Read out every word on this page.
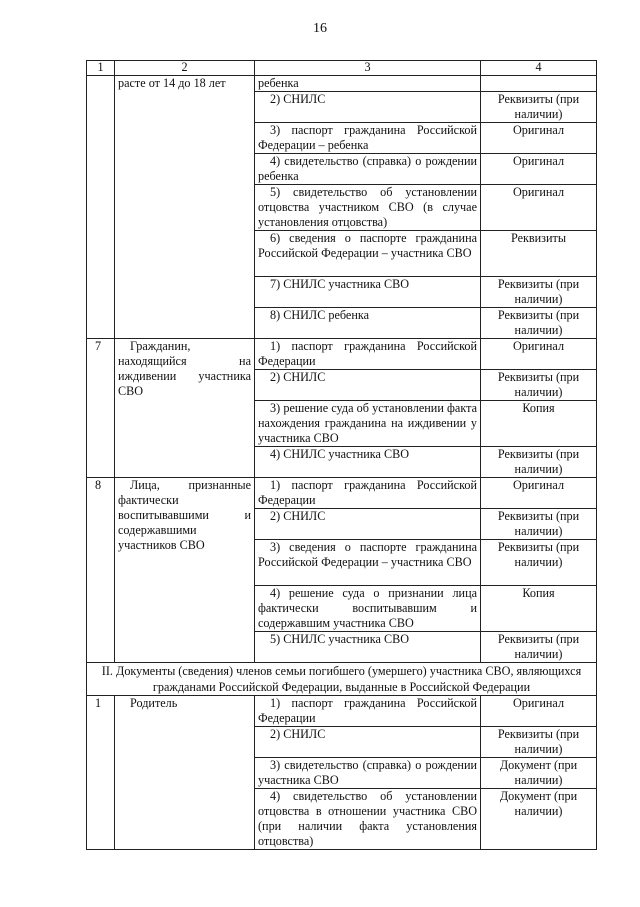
16
1	2	3	4
	расте от 14 до 18 лет	ребенка	
		2) СНИЛС	Реквизиты (при наличии)
		3) паспорт гражданина Российской Федерации – ребенка	Оригинал
		4) свидетельство (справка) о рождении ребенка	Оригинал
		5) свидетельство об установлении отцовства участником СВО (в случае установления отцовства)	Оригинал
		6) сведения о паспорте гражданина Российской Федерации – участника СВО	Реквизиты
		7) СНИЛС участника СВО	Реквизиты (при наличии)
		8) СНИЛС ребенка	Реквизиты (при наличии)
7	Гражданин, находящийся на иждивении участника СВО	1) паспорт гражданина Российской Федерации	Оригинал
		2) СНИЛС	Реквизиты (при наличии)
		3) решение суда об установлении факта нахождения гражданина на иждивении у участника СВО	Копия
		4) СНИЛС участника СВО	Реквизиты (при наличии)
8	Лица, признанные фактически воспитывавшими и содержавшими участников СВО	1) паспорт гражданина Российской Федерации	Оригинал
		2) СНИЛС	Реквизиты (при наличии)
		3) сведения о паспорте гражданина Российской Федерации – участника СВО	Реквизиты (при наличии)
		4) решение суда о признании лица фактически воспитывавшим и содержавшим участника СВО	Копия
		5) СНИЛС участника СВО	Реквизиты (при наличии)
II. Документы (сведения) членов семьи погибшего (умершего) участника СВО, являющихся гражданами Российской Федерации, выданные в Российской Федерации			
1	Родитель	1) паспорт гражданина Российской Федерации	Оригинал
		2) СНИЛС	Реквизиты (при наличии)
		3) свидетельство (справка) о рождении участника СВО	Документ (при наличии)
		4) свидетельство об установлении отцовства в отношении участника СВО (при наличии факта установления отцовства)	Документ (при наличии)
